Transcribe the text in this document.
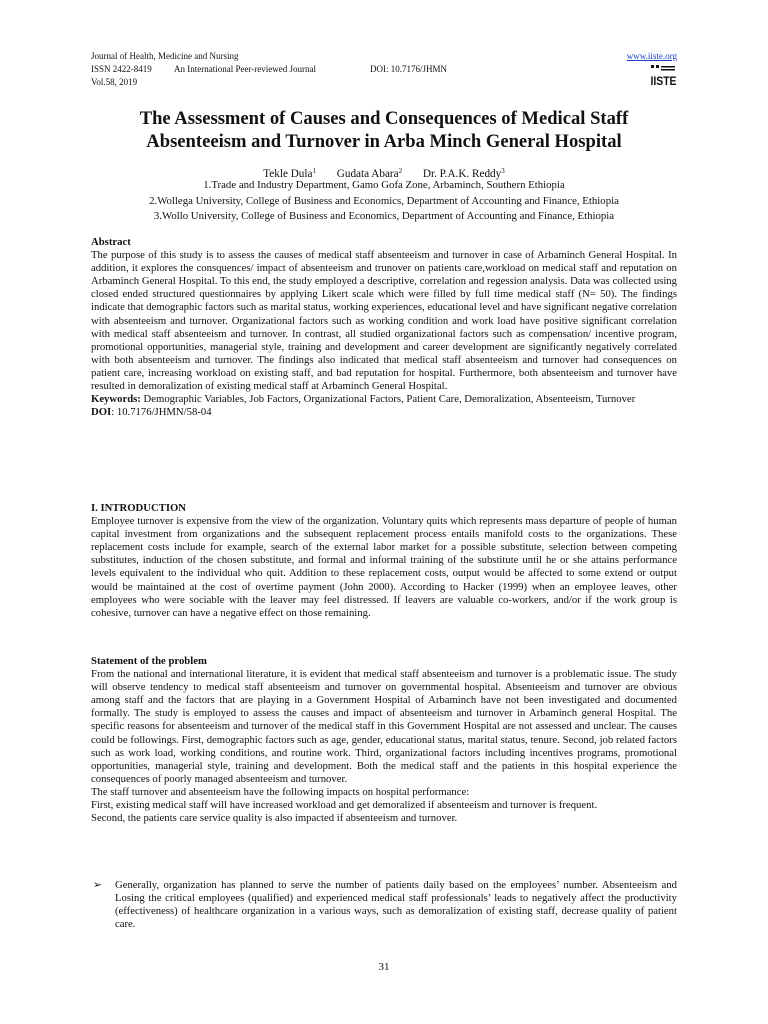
Journal of Health, Medicine and Nursing	www.iiste.org
ISSN 2422-8419 An International Peer-reviewed Journal	DOI: 10.7176/JHMN
Vol.58, 2019	IISTE
The Assessment of Causes and Consequences of Medical Staff
Absenteeism and Turnover in Arba Minch General Hospital
Tekle Dula$^1$ Gudata Abara$^2$ Dr. P.A.K. Reddy$^3$
1.Trade and Industry Department, Gamo Gofa Zone, Arbaminch, Southern Ethiopia
2.Wollega University, College of Business and Economics, Department of Accounting and Finance, Ethiopia
3.Wollo University, College of Business and Economics, Department of Accounting and Finance, Ethiopia

Abstract

The purpose of this study is to assess the causes of medical staff absenteeism and turnover in case of Arbaminch General Hospital. In addition, it explores the consquences/ impact of absenteeism and trunover on patients care,workload on medical staff and reputation on Arbaminch General Hospital. To this end, the study employed a descriptive, correlation and regession analysis. Data was collected using closed ended structured questionnaires by applying Likert scale which were filled by full time medical staff (N= 50). The findings indicate that demographic factors such as marital status, working experiences, educational level and have significant negative correlation with absenteeism and turnover. Organizational factors such as working condition and work load have positive significant correlation with medical staff absenteeism and turnover. In contrast, all studied organizational factors such as compensation/ incentive program, promotional opportunities, managerial style, training and development and career development are significantly negatively correlated with both absenteeism and turnover. The findings also indicated that medical staff absenteeism and turnover had consequences on patient care, increasing workload on existing staff, and bad reputation for hospital. Furthermore, both absenteeism and turnover have resulted in demoralization of existing medical staff at Arbaminch General Hospital.

Keywords: Demographic Variables, Job Factors, Organizational Factors, Patient Care, Demoralization, Absenteeism, Turnover

DOI: 10.7176/JHMN/58-04

I. INTRODUCTION

Employee turnover is expensive from the view of the organization. Voluntary quits which represents mass departure of people of human capital investment from organizations and the subsequent replacement process entails manifold costs to the organizations. These replacement costs include for example, search of the external labor market for a possible substitute, selection between competing substitutes, induction of the chosen substitute, and formal and informal training of the substitute until he or she attains performance levels equivalent to the individual who quit. Addition to these replacement costs, output would be affected to some extend or output would be maintained at the cost of overtime payment (John 2000). According to Hacker (1999) when an employee leaves, other employees who were sociable with the leaver may feel distressed. If leavers are valuable co-workers, and/or if the work group is cohesive, turnover can have a negative effect on those remaining.

Statement of the problem

From the national and international literature, it is evident that medical staff absenteeism and turnover is a problematic issue. The study will observe tendency to medical staff absenteeism and turnover on governmental hospital. Absenteeism and turnover are obvious among staff and the factors that are playing in a Government Hospital of Arbaminch have not been investigated and documented formally. The study is employed to assess the causes and impact of absenteeism and turnover in Arbaminch general Hospital. The specific reasons for absenteeism and turnover of the medical staff in this Government Hospital are not assessed and unclear. The causes could be followings. First, demographic factors such as age, gender, educational status, marital status, tenure. Second, job related factors such as work load, working conditions, and routine work. Third, organizational factors including incentives programs, promotional opportunities, managerial style, training and development. Both the medical staff and the patients in this hospital experience the consequences of poorly managed absenteeism and turnover.

The staff turnover and absenteeism have the following impacts on hospital performance:

First, existing medical staff will have increased workload and get demoralized if absenteeism and turnover is frequent.

Second, the patients care service quality is also impacted if absenteeism and turnover.

➢ Generally, organization has planned to serve the number of patients daily based on the employees’ number. Absenteeism and Losing the critical employees (qualified) and experienced medical staff professionals’ leads to negatively affect the productivity (effectiveness) of healthcare organization in a various ways, such as demoralization of existing staff, decrease quality of patient care.
31
